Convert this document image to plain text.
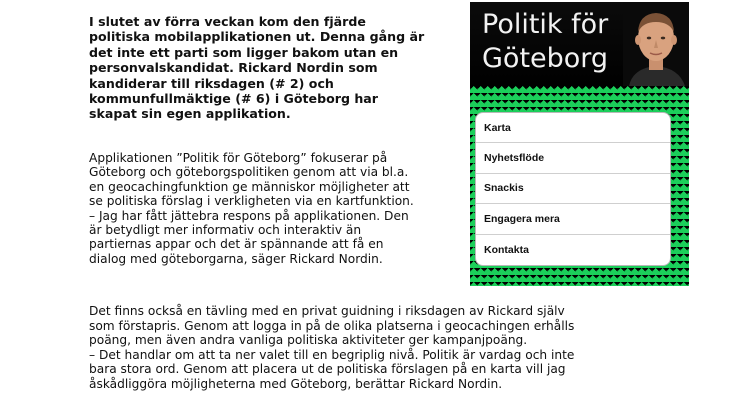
I slutet av förra veckan kom den fjärde
politiska mobilapplikationen ut. Denna gång är
det inte ett parti som ligger bakom utan en
personvalskandidat. Rickard Nordin som
kandiderar till riksdagen (# 2) och
kommunfullmäktige (# 6) i Göteborg har
skapat sin egen applikation.
Applikationen ”Politik för Göteborg” fokuserar på
Göteborg och göteborgspolitiken genom att via bl.a.
en geocachingfunktion ge människor möjligheter att
se politiska förslag i verkligheten via en kartfunktion.
– Jag har fått jättebra respons på applikationen. Den
är betydligt mer informativ och interaktiv än
partiernas appar och det är spännande att få en
dialog med göteborgarna, säger Rickard Nordin.
Det finns också en tävling med en privat guidning i riksdagen av Rickard själv
som förstapris. Genom att logga in på de olika platserna i geocachingen erhålls
poäng, men även andra vanliga politiska aktiviteter ger kampanjpoäng.
– Det handlar om att ta ner valet till en begriplig nivå. Politik är vardag och inte
bara stora ord. Genom att placera ut de politiska förslagen på en karta vill jag
åskådliggöra möjligheterna med Göteborg, berättar Rickard Nordin.
Politik för
Göteborg
Karta
Nyhetsflöde
Snackis
Engagera mera
Kontakta
